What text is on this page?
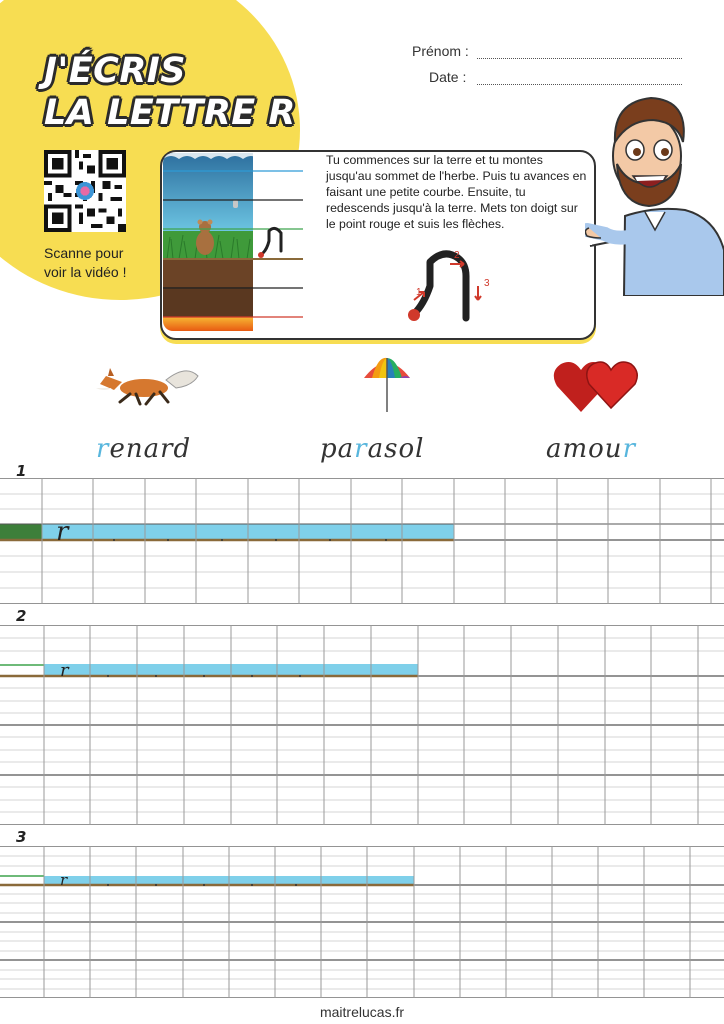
J'ÉCRIS
LA LETTRE R
Scanne pour
voir la vidéo !
Prénom :
Date :
Tu commences sur la terre et tu montes jusqu'au sommet de l'herbe. Puis tu avances en faisant une petite courbe. Ensuite, tu redescends jusqu'à la terre. Mets ton doigt sur le point rouge et suis les flèches.
1
2
3
renard	parasol	amour
1
2
3
r
r
r
maitrelucas.fr
